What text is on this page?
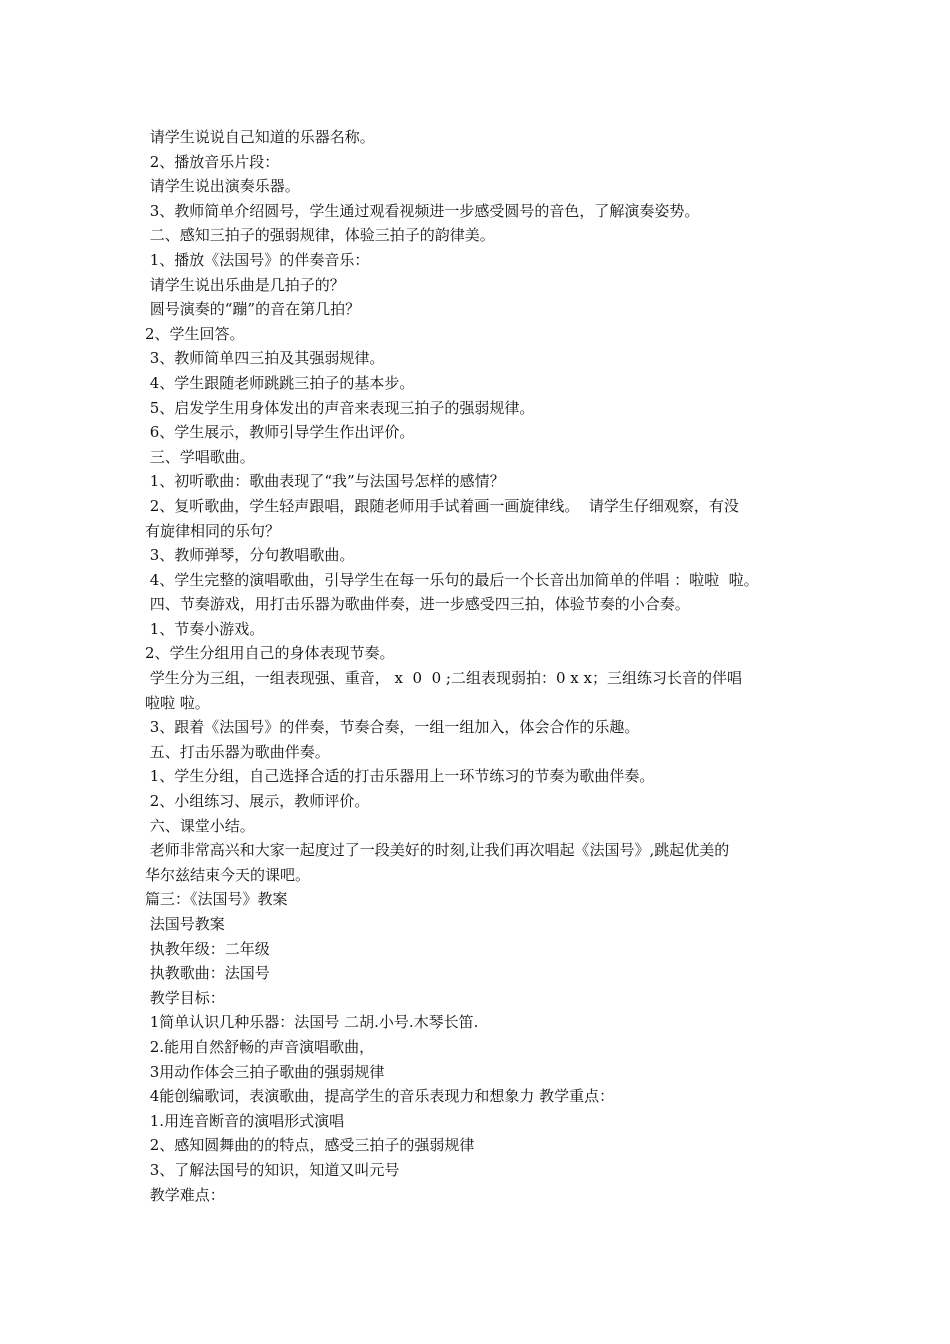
请学生说说自己知道的乐器名称。
2、播放音乐片段：
请学生说出演奏乐器。
3、教师简单介绍圆号，学生通过观看视频进一步感受圆号的音色，了解演奏姿势。
二、感知三拍子的强弱规律，体验三拍子的韵律美。
1、播放《法国号》的伴奏音乐：
请学生说出乐曲是几拍子的？
圆号演奏的“蹦”的音在第几拍？
2、学生回答。
3、教师简单四三拍及其强弱规律。
4、学生跟随老师跳跳三拍子的基本步。
5、启发学生用身体发出的声音来表现三拍子的强弱规律。
6、学生展示，教师引导学生作出评价。
三、学唱歌曲。
1、初听歌曲：歌曲表现了“我”与法国号怎样的感情？
2、复听歌曲，学生轻声跟唱，跟随老师用手试着画一画旋律线。  请学生仔细观察，有没
有旋律相同的乐句？
3、教师弹琴，分句教唱歌曲。
4、学生完整的演唱歌曲，引导学生在每一乐句的最后一个长音出加简单的伴唱 ：啦啦  啦。
四、节奏游戏，用打击乐器为歌曲伴奏，进一步感受四三拍，体验节奏的小合奏。
1、节奏小游戏。
2、学生分组用自己的身体表现节奏。
学生分为三组，一组表现强、重音， x  0  0 ;二组表现弱拍：0 x x；三组练习长音的伴唱
啦啦 啦。
3、跟着《法国号》的伴奏，节奏合奏，一组一组加入，体会合作的乐趣。
五、打击乐器为歌曲伴奏。
1、学生分组，自己选择合适的打击乐器用上一环节练习的节奏为歌曲伴奏。
2、小组练习、展示，教师评价。
六、课堂小结。
老师非常高兴和大家一起度过了一段美好的时刻,让我们再次唱起《法国号》,跳起优美的
华尔兹结束今天的课吧。
篇三：《法国号》教案
法国号教案
执教年级：二年级
执教歌曲：法国号
教学目标：
1简单认识几种乐器：法国号 二胡.小号.木琴长笛.
2.能用自然舒畅的声音演唱歌曲，
3用动作体会三拍子歌曲的强弱规律
4能创编歌词，表演歌曲，提高学生的音乐表现力和想象力 教学重点：
1.用连音断音的演唱形式演唱
2、感知圆舞曲的的特点，感受三拍子的强弱规律
3、了解法国号的知识，知道又叫元号
教学难点：
